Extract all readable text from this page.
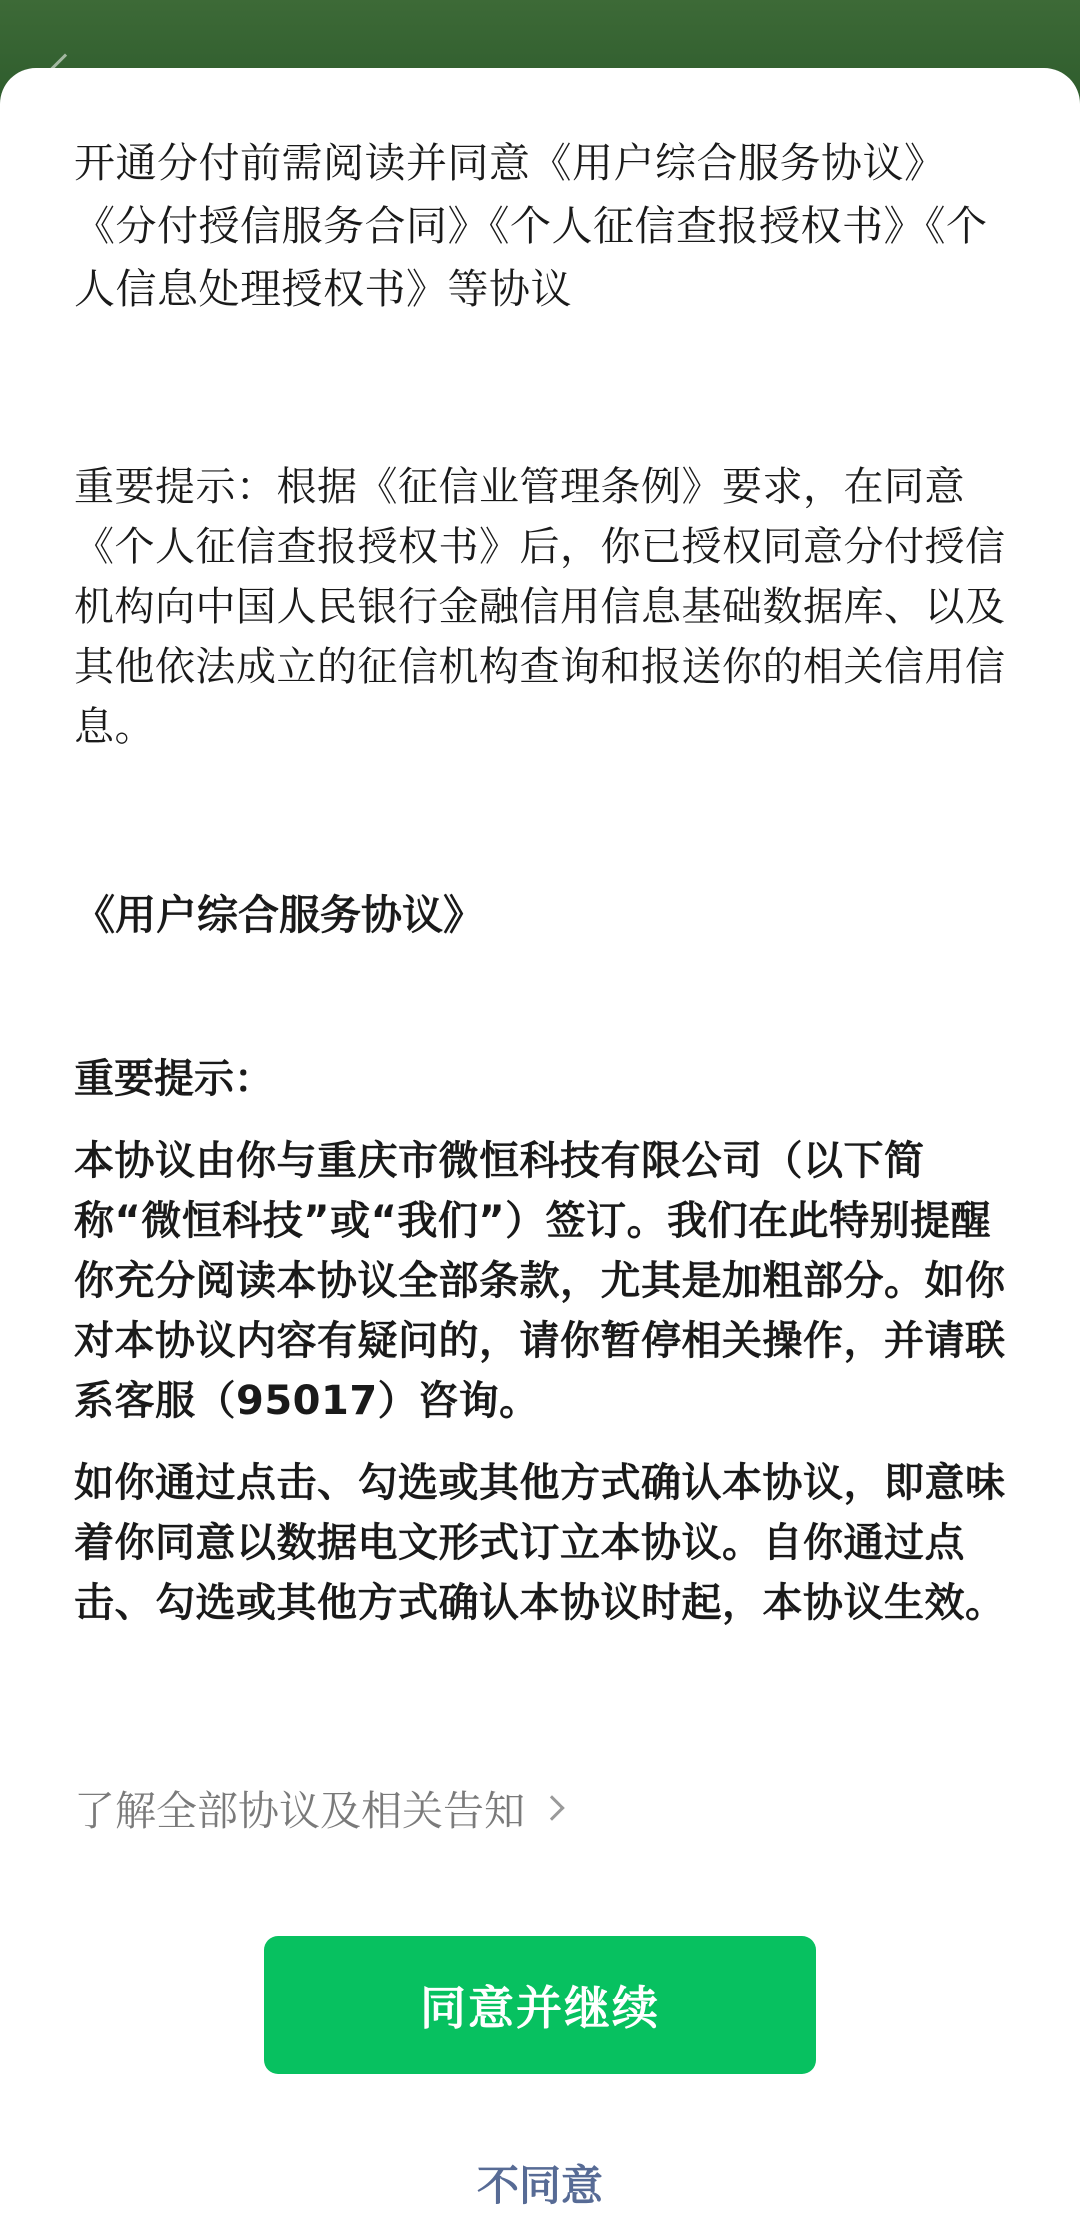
开通分付前需阅读并同意《用户综合服务协议》《分付授信服务合同》《个人征信查报授权书》《个人信息处理授权书》等协议

重要提示：根据《征信业管理条例》要求，在同意《个人征信查报授权书》后，你已授权同意分付授信机构向中国人民银行金融信用信息基础数据库、以及其他依法成立的征信机构查询和报送你的相关信用信息。

《用户综合服务协议》

重要提示：

本协议由你与重庆市微恒科技有限公司（以下简称“微恒科技”或“我们”）签订。我们在此特别提醒你充分阅读本协议全部条款，尤其是加粗部分。如你对本协议内容有疑问的，请你暂停相关操作，并请联系客服（95017）咨询。

如你通过点击、勾选或其他方式确认本协议，即意味着你同意以数据电文形式订立本协议。自你通过点击、勾选或其他方式确认本协议时起，本协议生效。

了解全部协议及相关告知
同意并继续
不同意
